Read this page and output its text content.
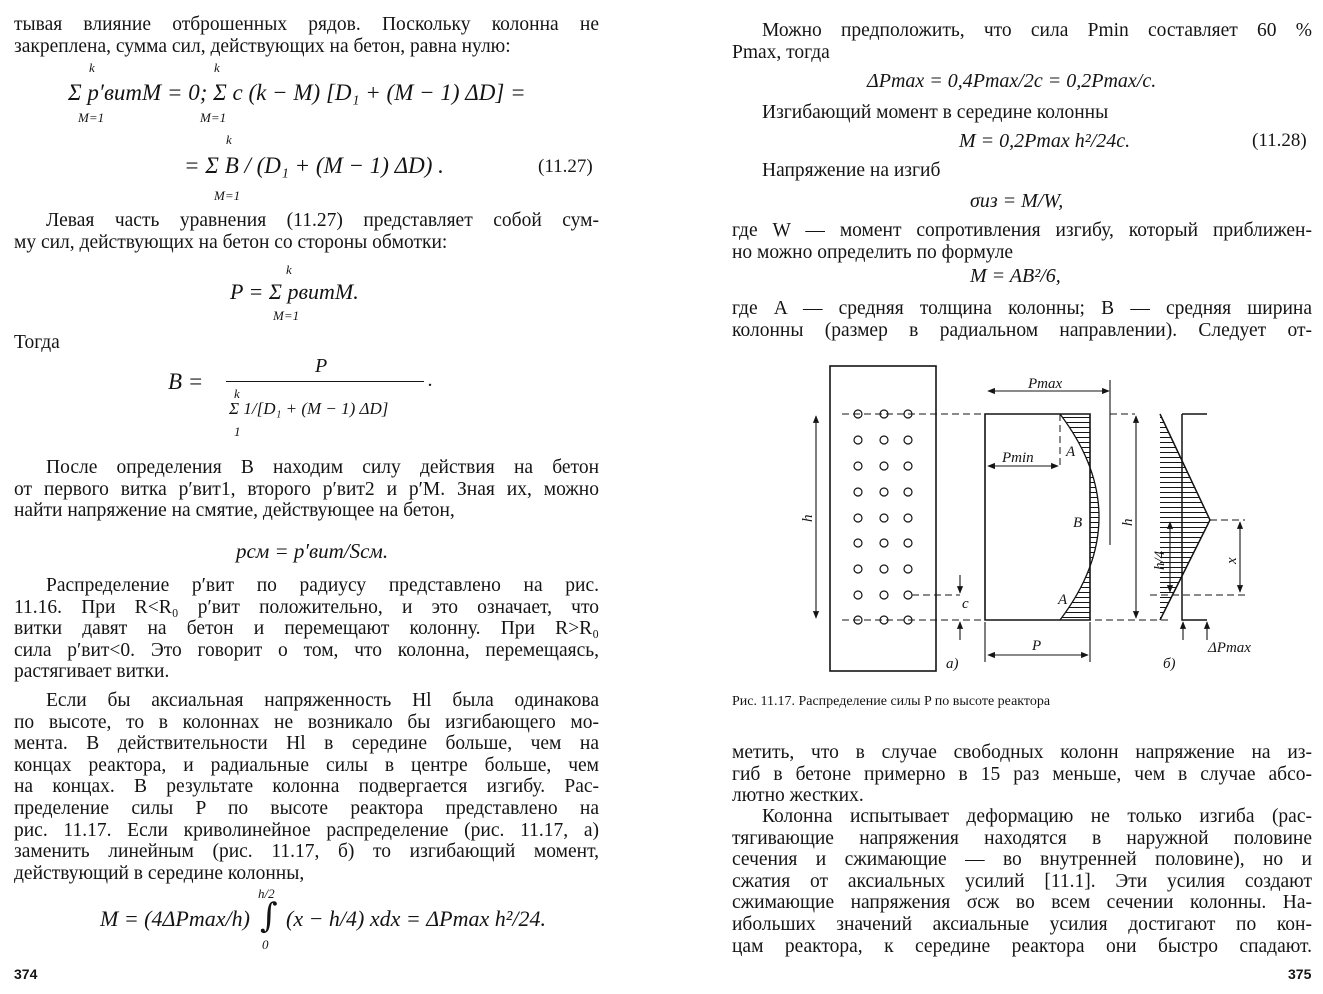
тывая влияние отброшенных рядов. Поскольку колонна не
закреплена, сумма сил, действующих на бетон, равна нулю:
k
M=1
k
M=1
Σ p′витM = 0; Σ c (k − M) [D₁ + (M − 1) ΔD] =
k
M=1
= Σ B / (D₁ + (M − 1) ΔD) .	(11.27)
Левая часть уравнения (11.27) представляет собой сум-
му сил, действующих на бетон со стороны обмотки:
k
M=1
P = Σ pвитM.
Тогда
B =
P
k
Σ 1/[D₁ + (M − 1) ΔD]
1
.
После определения B находим силу действия на бетон
от первого витка p′вит1, второго p′вит2 и p′M. Зная их, можно
найти напряжение на смятие, действующее на бетон,
pсм = p′вит/Sсм.
Распределение p′вит по радиусу представлено на рис.
11.16. При R<R₀ p′вит положительно, и это означает, что
витки давят на бетон и перемещают колонну. При R>R₀
сила p′вит<0. Это говорит о том, что колонна, перемещаясь,
растягивает витки.
Если бы аксиальная напряженность Hl была одинакова
по высоте, то в колоннах не возникало бы изгибающего мо-
мента. В действительности Hl в середине больше, чем на
концах реактора, и радиальные силы в центре больше, чем
на концах. В результате колонна подвергается изгибу. Рас-
пределение силы P по высоте реактора представлено на
рис. 11.17. Если криволинейное распределение (рис. 11.17, а)
заменить линейным (рис. 11.17, б) то изгибающий момент,
действующий в середине колонны,
M = (4ΔPmax/h)
h/2
∫
0
(x − h/4) xdx = ΔPmax h²/24.
374
Можно предположить, что сила Pmin составляет 60 %
Pmax, тогда
ΔPmax = 0,4Pmax/2c = 0,2Pmax/c.
Изгибающий момент в середине колонны
M = 0,2Pmax h²/24c.	(11.28)
Напряжение на изгиб
σиз = M/W,
где W — момент сопротивления изгибу, который приближен-
но можно определить по формуле
M = AB²/6,
где A — средняя толщина колонны; B — средняя ширина
колонны (размер в радиальном направлении). Следует от-
Pmax
Pmin A
B
A
h
c
P
а)
h
h/4	x
ΔPmax
б)
Рис. 11.17. Распределение силы P по высоте реактора
метить, что в случае свободных колонн напряжение на из-
гиб в бетоне примерно в 15 раз меньше, чем в случае абсо-
лютно жестких.
Колонна испытывает деформацию не только изгиба (рас-
тягивающие напряжения находятся в наружной половине
сечения и сжимающие — во внутренней половине), но и
сжатия от аксиальных усилий [11.1]. Эти усилия создают
сжимающие напряжения σсж во всем сечении колонны. На-
ибольших значений аксиальные усилия достигают по кон-
цам реактора, к середине реактора они быстро спадают.
375
